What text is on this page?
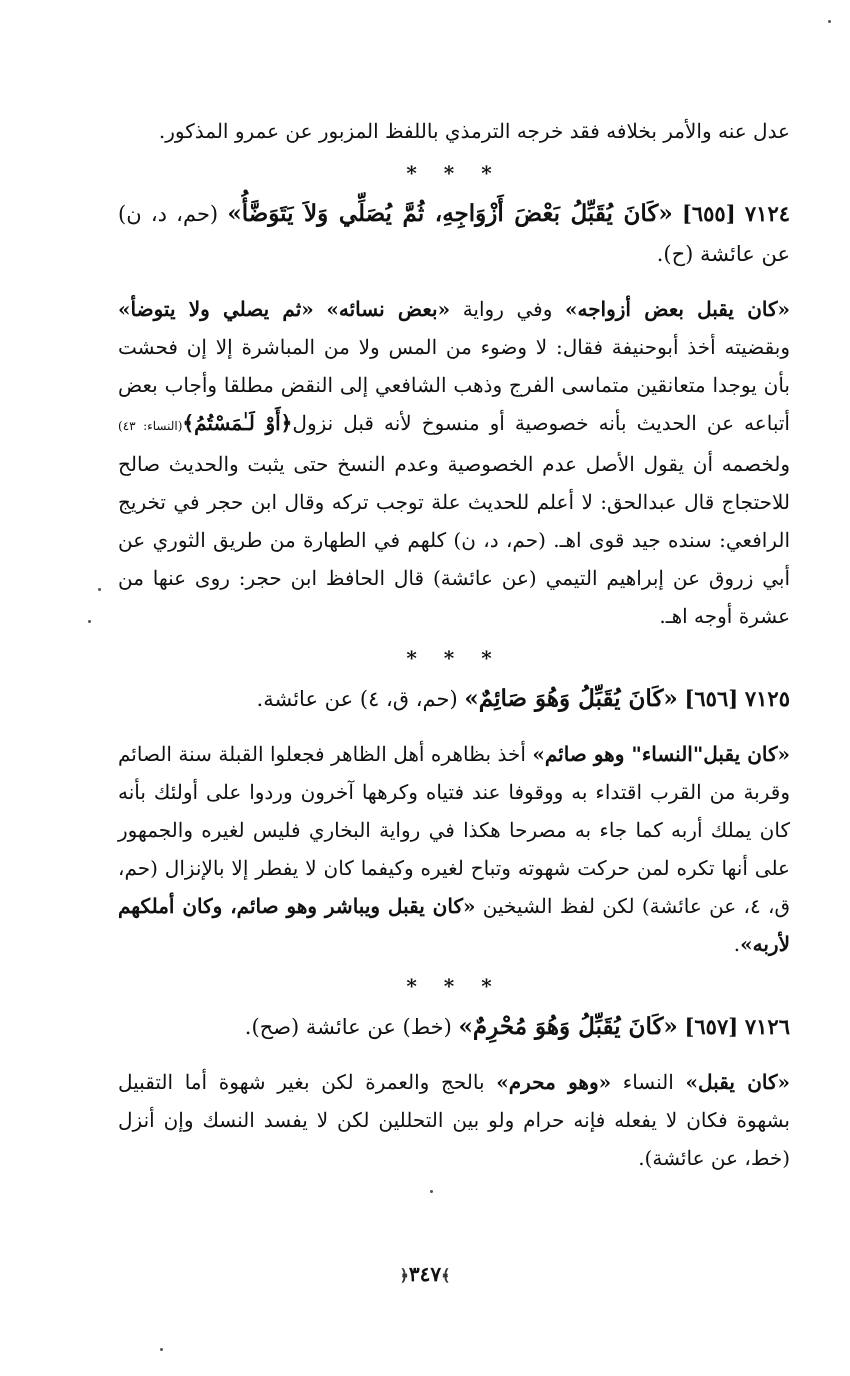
عدل عنه والأمر بخلافه فقد خرجه الترمذي باللفظ المزبور عن عمرو المذكور.

* * *

٧١٢٤ [٦٥٥] «كَانَ يُقَبِّلُ بَعْضَ أَزْوَاجِهِ، ثُمَّ يُصَلِّي وَلاَ يَتَوَضَّأُ» (حم، د، ن) عن عائشة (ح).

«كان يقبل بعض أزواجه» وفي رواية «بعض نسائه» «ثم يصلي ولا يتوضأ» وبقضيته أخذ أبوحنيفة فقال: لا وضوء من المس ولا من المباشرة إلا إن فحشت بأن يوجدا متعانقين متماسى الفرج وذهب الشافعي إلى النقض مطلقا وأجاب بعض أتباعه عن الحديث بأنه خصوصية أو منسوخ لأنه قبل نزول﴿أَوْ لَـٰمَسْتُمُ﴾(النساء: ٤٣) ولخصمه أن يقول الأصل عدم الخصوصية وعدم النسخ حتى يثبت والحديث صالح للاحتجاج قال عبدالحق: لا أعلم للحديث علة توجب تركه وقال ابن حجر في تخريج الرافعي: سنده جيد قوى اهـ. (حم، د، ن) كلهم في الطهارة من طريق الثوري عن أبي زروق عن إبراهيم التيمي (عن عائشة) قال الحافظ ابن حجر: روى عنها من عشرة أوجه اهـ.

* * *

٧١٢٥ [٦٥٦] «كَانَ يُقَبِّلُ وَهُوَ صَائِمٌ» (حم، ق، ٤) عن عائشة.

«كان يقبل"النساء" وهو صائم» أخذ بظاهره أهل الظاهر فجعلوا القبلة سنة الصائم وقربة من القرب اقتداء به ووقوفا عند فتياه وكرهها آخرون وردوا على أولئك بأنه كان يملك أربه كما جاء به مصرحا هكذا في رواية البخاري فليس لغيره والجمهور على أنها تكره لمن حركت شهوته وتباح لغيره وكيفما كان لا يفطر إلا بالإنزال (حم، ق، ٤، عن عائشة) لكن لفظ الشيخين «كان يقبل ويباشر وهو صائم، وكان أملكهم لأربه».

* * *

٧١٢٦ [٦٥٧] «كَانَ يُقَبِّلُ وَهُوَ مُحْرِمٌ» (خط) عن عائشة (صح).

«كان يقبل» النساء «وهو محرم» بالحج والعمرة لكن بغير شهوة أما التقبيل بشهوة فكان لا يفعله فإنه حرام ولو بين التحللين لكن لا يفسد النسك وإن أنزل (خط، عن عائشة).

﴾٣٤٧﴿
